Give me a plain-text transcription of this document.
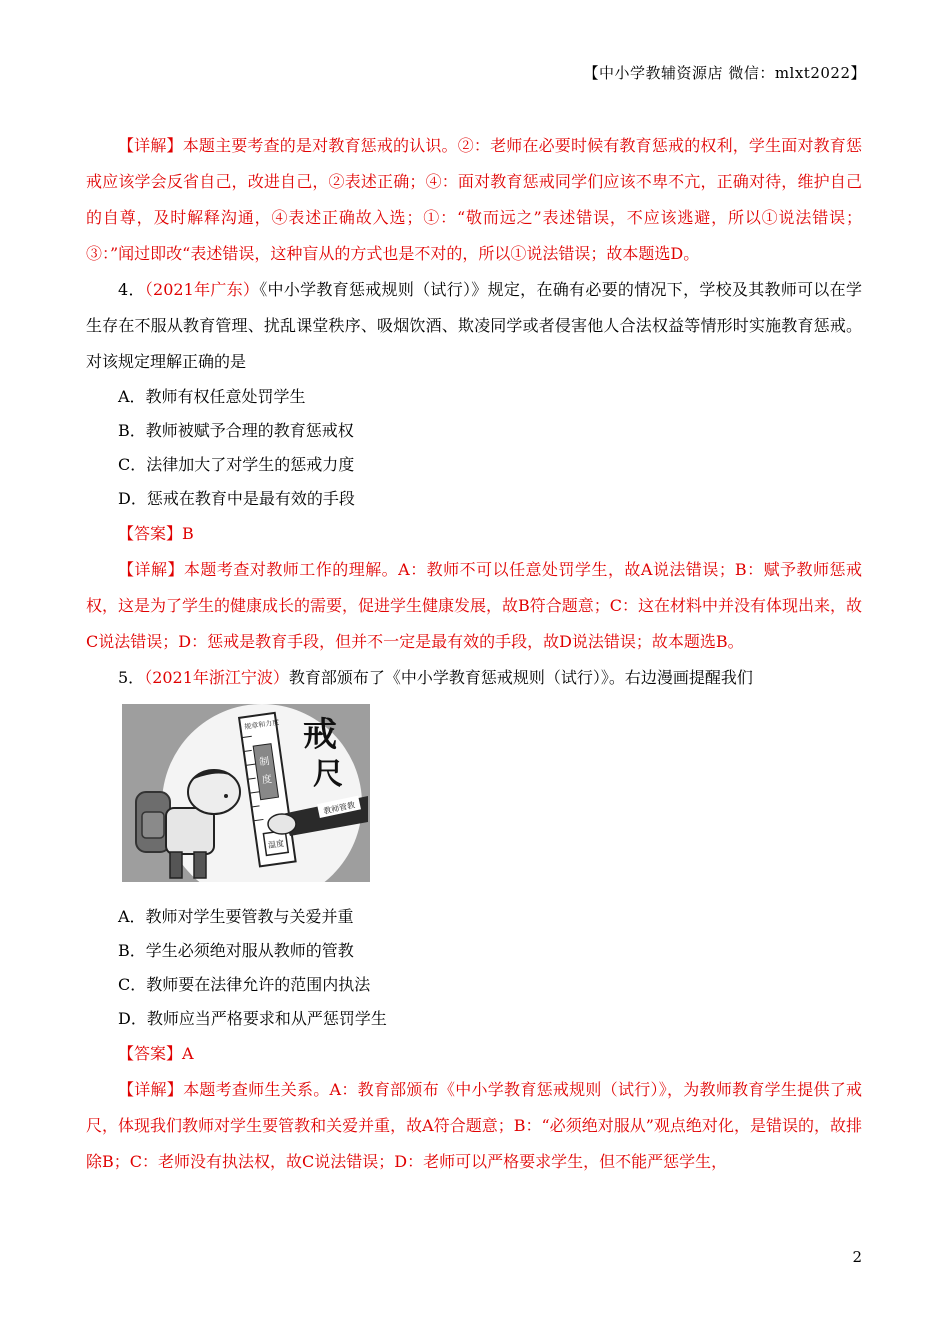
【中小学教辅资源店 微信：mlxt2022】

【详解】本题主要考查的是对教育惩戒的认识。②：老师在必要时候有教育惩戒的权利，学生面对教育惩戒应该学会反省自己，改进自己，②表述正确；④：面对教育惩戒同学们应该不卑不亢，正确对待，维护自己的自尊，及时解释沟通，④表述正确故入选；①：“敬而远之”表述错误，不应该逃避，所以①说法错误；③：”闻过即改“表述错误，这种盲从的方式也是不对的，所以①说法错误；故本题选D。

4．（2021年广东）《中小学教育惩戒规则（试行）》规定，在确有必要的情况下，学校及其教师可以在学生存在不服从教育管理、扰乱课堂秩序、吸烟饮酒、欺凌同学或者侵害他人合法权益等情形时实施教育惩戒。对该规定理解正确的是

A．教师有权任意处罚学生

B．教师被赋予合理的教育惩戒权

C．法律加大了对学生的惩戒力度

D．惩戒在教育中是最有效的手段

【答案】B

【详解】本题考查对教师工作的理解。A：教师不可以任意处罚学生，故A说法错误；B：赋予教师惩戒权，这是为了学生的健康成长的需要，促进学生健康发展，故B符合题意；C：这在材料中并没有体现出来，故C说法错误；D：惩戒是教育手段，但并不一定是最有效的手段，故D说法错误；故本题选B。

5．（2021年浙江宁波）教育部颁布了《中小学教育惩戒规则（试行）》。右边漫画提醒我们

制
度
温度
规章和力度
教师管教
戒
尺

A．教师对学生要管教与关爱并重

B．学生必须绝对服从教师的管教

C．教师要在法律允许的范围内执法

D．教师应当严格要求和从严惩罚学生

【答案】A

【详解】本题考查师生关系。A：教育部颁布《中小学教育惩戒规则（试行）》，为教师教育学生提供了戒尺，体现我们教师对学生要管教和关爱并重，故A符合题意；B：“必须绝对服从”观点绝对化，是错误的，故排除B；C：老师没有执法权，故C说法错误；D：老师可以严格要求学生，但不能严惩学生，

2
